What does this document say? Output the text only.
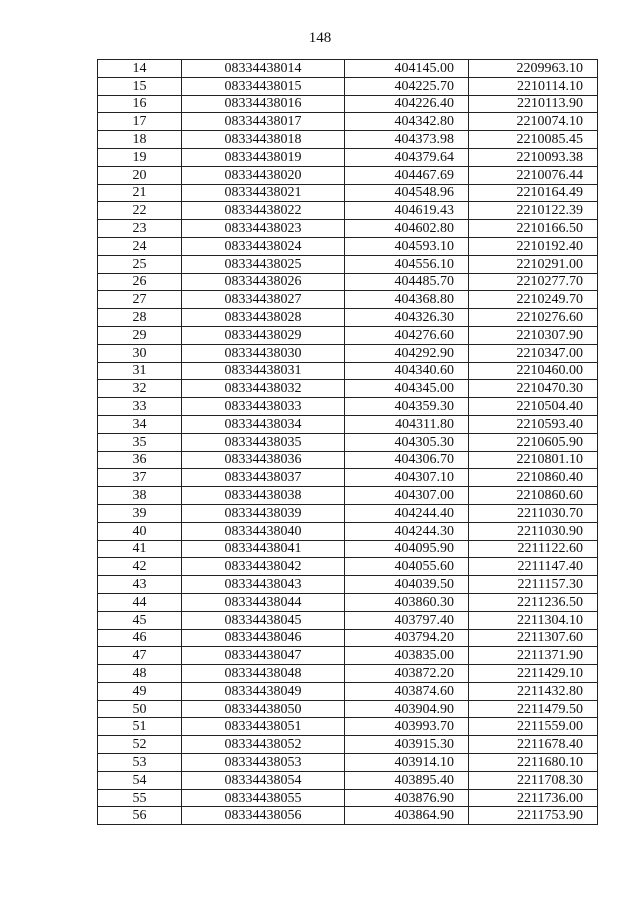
148
14	08334438014	404145.00	2209963.10
15	08334438015	404225.70	2210114.10
16	08334438016	404226.40	2210113.90
17	08334438017	404342.80	2210074.10
18	08334438018	404373.98	2210085.45
19	08334438019	404379.64	2210093.38
20	08334438020	404467.69	2210076.44
21	08334438021	404548.96	2210164.49
22	08334438022	404619.43	2210122.39
23	08334438023	404602.80	2210166.50
24	08334438024	404593.10	2210192.40
25	08334438025	404556.10	2210291.00
26	08334438026	404485.70	2210277.70
27	08334438027	404368.80	2210249.70
28	08334438028	404326.30	2210276.60
29	08334438029	404276.60	2210307.90
30	08334438030	404292.90	2210347.00
31	08334438031	404340.60	2210460.00
32	08334438032	404345.00	2210470.30
33	08334438033	404359.30	2210504.40
34	08334438034	404311.80	2210593.40
35	08334438035	404305.30	2210605.90
36	08334438036	404306.70	2210801.10
37	08334438037	404307.10	2210860.40
38	08334438038	404307.00	2210860.60
39	08334438039	404244.40	2211030.70
40	08334438040	404244.30	2211030.90
41	08334438041	404095.90	2211122.60
42	08334438042	404055.60	2211147.40
43	08334438043	404039.50	2211157.30
44	08334438044	403860.30	2211236.50
45	08334438045	403797.40	2211304.10
46	08334438046	403794.20	2211307.60
47	08334438047	403835.00	2211371.90
48	08334438048	403872.20	2211429.10
49	08334438049	403874.60	2211432.80
50	08334438050	403904.90	2211479.50
51	08334438051	403993.70	2211559.00
52	08334438052	403915.30	2211678.40
53	08334438053	403914.10	2211680.10
54	08334438054	403895.40	2211708.30
55	08334438055	403876.90	2211736.00
56	08334438056	403864.90	2211753.90
